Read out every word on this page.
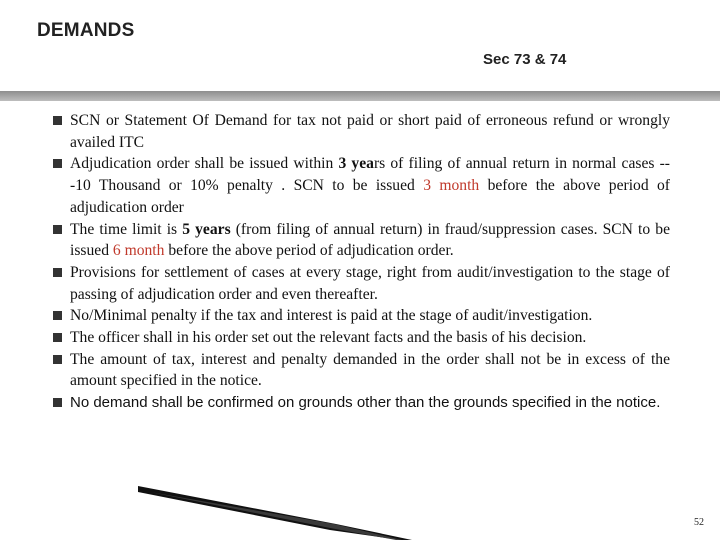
DEMANDS
Sec 73 & 74
SCN or Statement Of Demand for tax not paid or short paid of erroneous refund or wrongly availed ITC
Adjudication order shall be issued within 3 years of filing of annual return in normal cases ---10 Thousand or 10% penalty . SCN to be issued 3 month before the above period of adjudication order
The time limit is 5 years (from filing of annual return) in fraud/suppression cases. SCN to be issued 6 month before the above period of adjudication order.
Provisions for settlement of cases at every stage, right from audit/investigation to the stage of passing of adjudication order and even thereafter.
No/Minimal penalty if the tax and interest is paid at the stage of audit/investigation.
The officer shall in his order set out the relevant facts and the basis of his decision.
The amount of tax, interest and penalty demanded in the order shall not be in excess of the amount specified in the notice.
No demand shall be confirmed on grounds other than the grounds specified in the notice.
52
